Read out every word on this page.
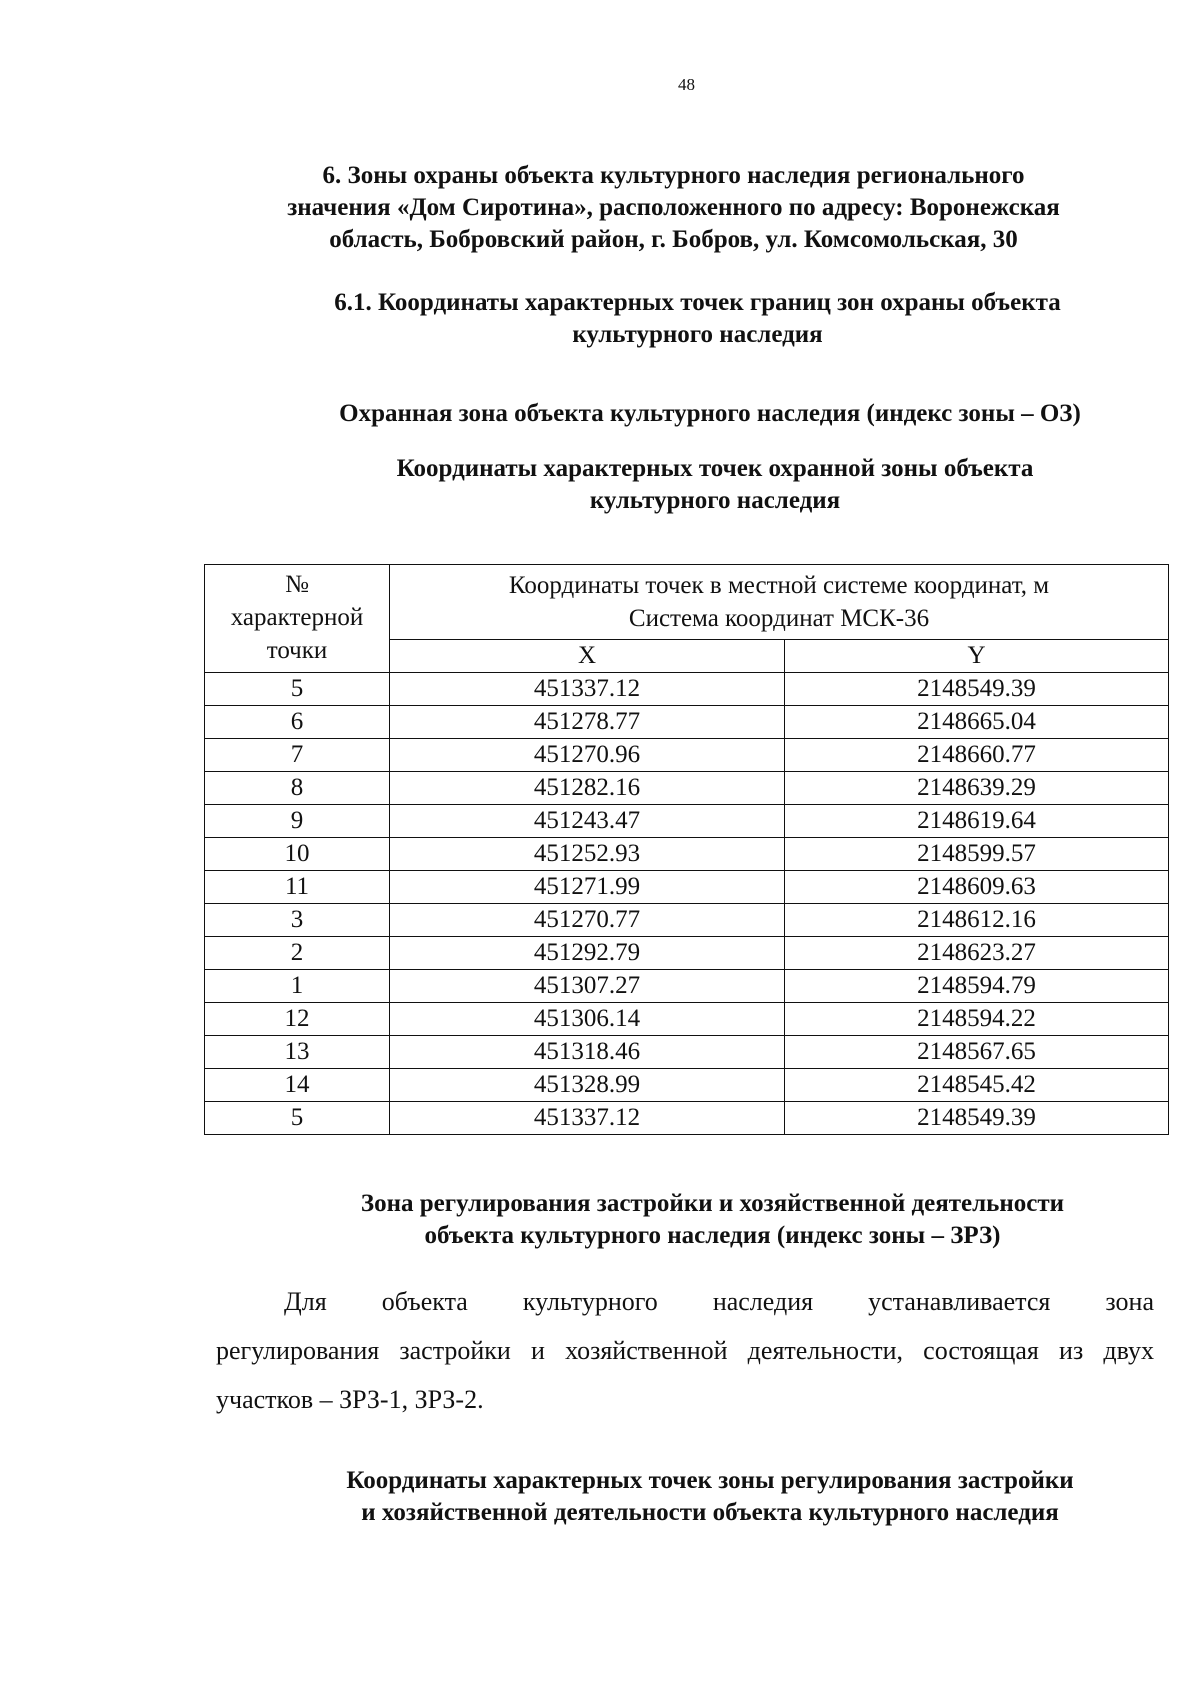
48
6. Зоны охраны объекта культурного наследия регионального
значения «Дом Сиротина», расположенного по адресу: Воронежская
область, Бобровский район, г. Бобров, ул. Комсомольская, 30
6.1. Координаты характерных точек границ зон охраны объекта
культурного наследия
Охранная зона объекта культурного наследия (индекс зоны – ОЗ)
Координаты характерных точек охранной зоны объекта
культурного наследия
№
характерной
точки	Координаты точек в местной системе координат, м
Система координат МСК-36	

	X	Y
5	451337.12	2148549.39
6	451278.77	2148665.04
7	451270.96	2148660.77
8	451282.16	2148639.29
9	451243.47	2148619.64
10	451252.93	2148599.57
11	451271.99	2148609.63
3	451270.77	2148612.16
2	451292.79	2148623.27
1	451307.27	2148594.79
12	451306.14	2148594.22
13	451318.46	2148567.65
14	451328.99	2148545.42
5	451337.12	2148549.39
Зона регулирования застройки и хозяйственной деятельности
объекта культурного наследия (индекс зоны – ЗРЗ)
Для объекта культурного наследия устанавливается зона
регулирования застройки и хозяйственной деятельности, состоящая из двух участков – ЗРЗ-1, ЗРЗ-2.
Координаты характерных точек зоны регулирования застройки
и хозяйственной деятельности объекта культурного наследия
